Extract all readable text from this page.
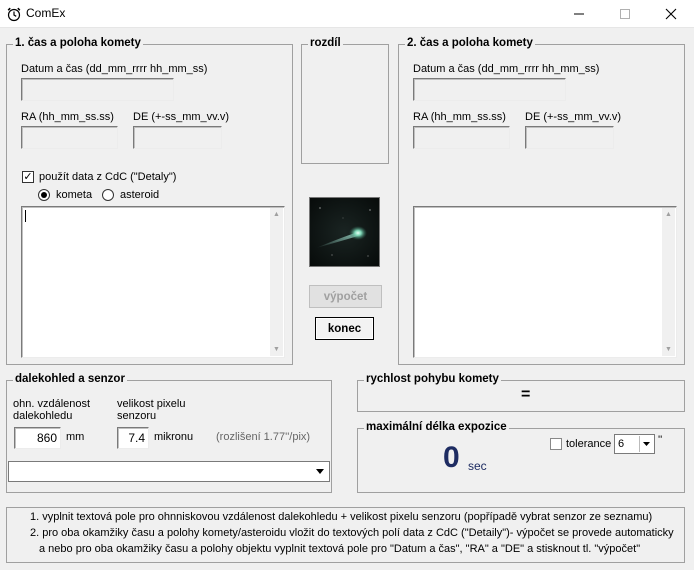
ComEx
1. čas a poloha komety
Datum a čas (dd_mm_rrrr hh_mm_ss)
RA (hh_mm_ss.ss) DE (+-ss_mm_vv.v)
✓ použít data z CdC ("Detaly")
kometa	asteroid
▲
▼
rozdíl
výpočet
konec
2. čas a poloha komety
Datum a čas (dd_mm_rrrr hh_mm_ss)
RA (hh_mm_ss.ss) DE (+-ss_mm_vv.v)
▲
▼
dalekohled a senzor
ohn. vzdálenost
dalekohledu
860 mm
velikost pixelu
senzoru
7.4 mikronu (rozlišení 1.77''/pix)
rychlost pohybu komety
=
maximální délka expozice
0 sec
tolerance 6	''
1. vyplnit textová pole pro ohnniskovou vzdálenost dalekohledu + velikost pixelu senzoru (popřípadě vybrat senzor ze seznamu)
2. pro oba okamžiky času a polohy komety/asteroidu vložit do textových polí data z CdC ("Detaily")- výpočet se provede automaticky
a nebo pro oba okamžiky času a polohy objektu vyplnit textová pole pro "Datum a čas", "RA" a "DE" a stisknout tl. "výpočet"
